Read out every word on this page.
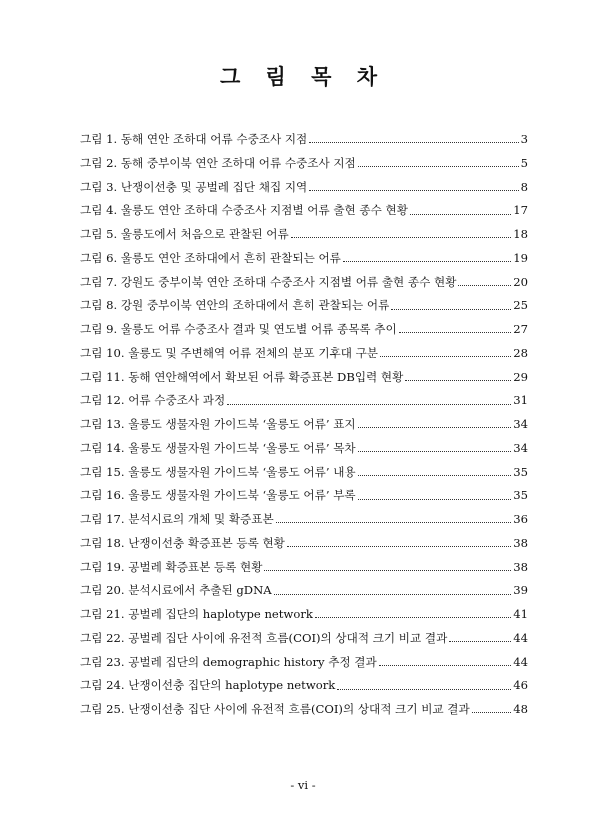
그 림 목 차
그림 1. 동해 연안 조하대 어류 수중조사 지점	3
그림 2. 동해 중부이북 연안 조하대 어류 수중조사 지점	5
그림 3. 난쟁이선충 및 공벌레 집단 채집 지역	8
그림 4. 울릉도 연안 조하대 수중조사 지점별 어류 출현 종수 현황	17
그림 5. 울릉도에서 처음으로 관찰된 어류	18
그림 6. 울릉도 연안 조하대에서 흔히 관찰되는 어류	19
그림 7. 강원도 중부이북 연안 조하대 수중조사 지점별 어류 출현 종수 현황	20
그림 8. 강원 중부이북 연안의 조하대에서 흔히 관찰되는 어류	25
그림 9. 울릉도 어류 수중조사 결과 및 연도별 어류 종목록 추이	27
그림 10. 울릉도 및 주변해역 어류 전체의 분포 기후대 구분	28
그림 11. 동해 연안해역에서 확보된 어류 확증표본 DB입력 현황	29
그림 12. 어류 수중조사 과정	31
그림 13. 울릉도 생물자원 가이드북 ‘울릉도 어류’ 표지	34
그림 14. 울릉도 생물자원 가이드북 ‘울릉도 어류’ 목차	34
그림 15. 울릉도 생물자원 가이드북 ‘울릉도 어류’ 내용	35
그림 16. 울릉도 생물자원 가이드북 ‘울릉도 어류’ 부록	35
그림 17. 분석시료의 개체 및 확증표본	36
그림 18. 난쟁이선충 확증표본 등록 현황	38
그림 19. 공벌레 확증표본 등록 현황	38
그림 20. 분석시료에서 추출된 gDNA	39
그림 21. 공벌레 집단의 haplotype network	41
그림 22. 공벌레 집단 사이에 유전적 흐름(COI)의 상대적 크기 비교 결과	44
그림 23. 공벌레 집단의 demographic history 추정 결과	44
그림 24. 난쟁이선충 집단의 haplotype network	46
그림 25. 난쟁이선충 집단 사이에 유전적 흐름(COI)의 상대적 크기 비교 결과	48

- vi -
